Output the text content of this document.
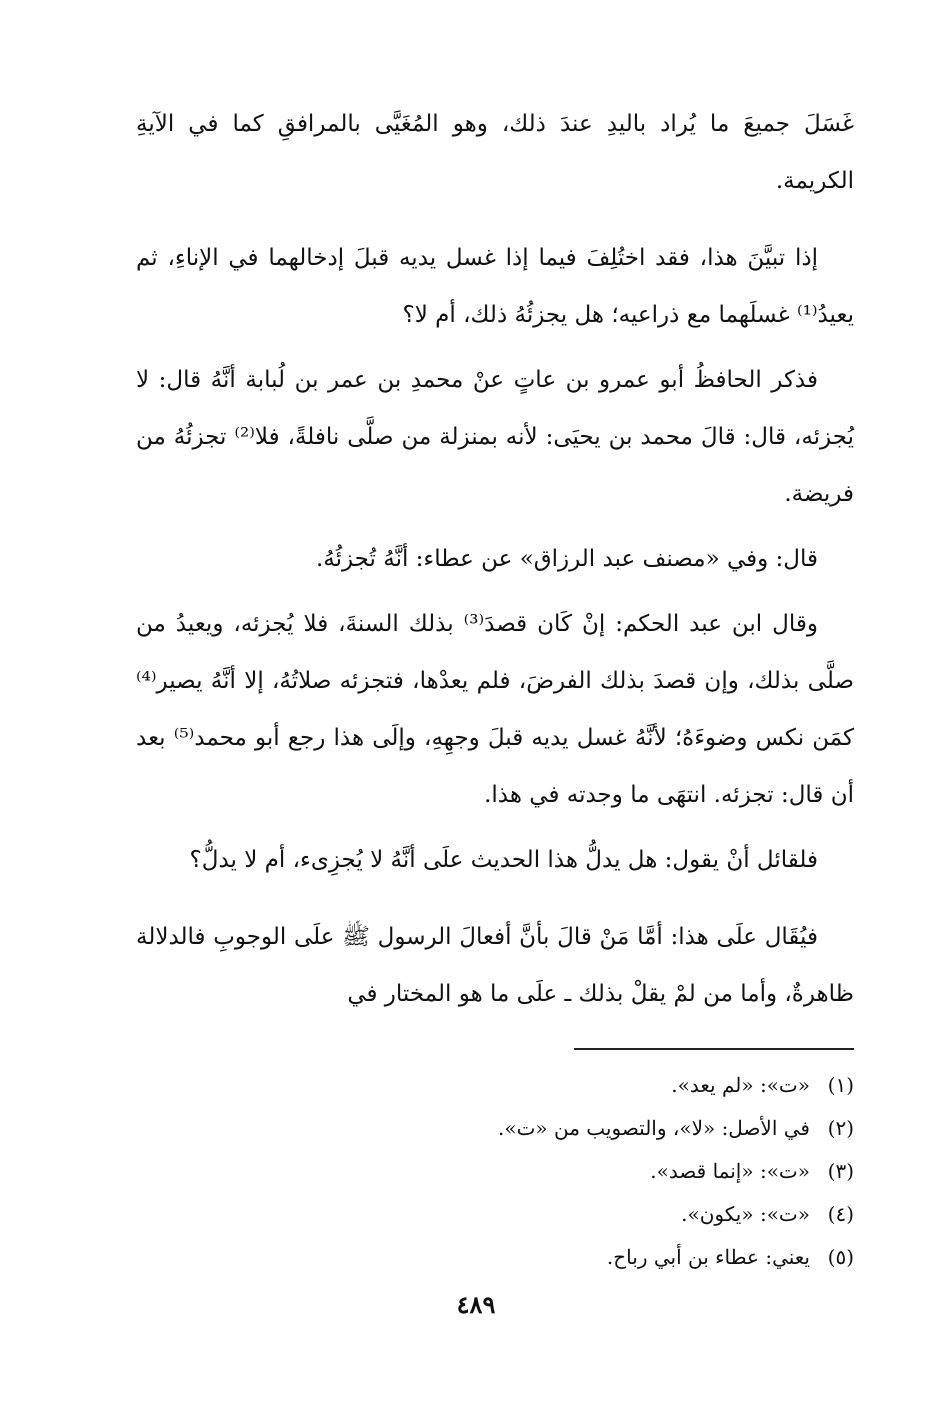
غَسَلَ جميعَ ما يُراد باليدِ عندَ ذلك، وهو المُغَيَّى بالمرافقِ كما في الآيةِ الكريمة.

إذا تبيَّنَ هذا، فقد اختُلِفَ فيما إذا غسل يديه قبلَ إدخالهما في الإناءِ، ثم يعيدُ⁽¹⁾ غسلَهما مع ذراعيه؛ هل يجزئُهُ ذلك، أم لا؟

فذكر الحافظُ أبو عمرو بن عاتٍ عنْ محمدِ بن عمر بن لُبابة أنَّهُ قال: لا يُجزئه، قال: قالَ محمد بن يحيَى: لأنه بمنزلة من صلَّى نافلةً، فلا⁽²⁾ تجزئُهُ من فريضة.

قال: وفي «مصنف عبد الرزاق» عن عطاء: أنَّهُ تُجزئُهُ.

وقال ابن عبد الحكم: إنْ كَان قصدَ⁽³⁾ بذلك السنةَ، فلا يُجزئه، ويعيدُ من صلَّى بذلك، وإن قصدَ بذلك الفرضَ، فلم يعدْها، فتجزئه صلاتُهُ، إلا أنَّهُ يصير⁽⁴⁾ كمَن نكس وضوءَهُ؛ لأنَّهُ غسل يديه قبلَ وجهِهِ، وإلَى هذا رجع أبو محمد⁽⁵⁾ بعد أن قال: تجزئه. انتهَى ما وجدته في هذا.

فلقائل أنْ يقول: هل يدلُّ هذا الحديث علَى أنَّهُ لا يُجزِىء، أم لا يدلُّ؟

فيُقَال علَى هذا: أمَّا مَنْ قالَ بأنَّ أفعالَ الرسول ﷺ علَى الوجوبِ فالدلالة ظاهرةٌ، وأما من لمْ يقلْ بذلك ـ علَى ما هو المختار في

(١)
«ت»: «لم يعد».
(٢)
في الأصل: «لا»، والتصويب من «ت».
(٣)
«ت»: «إنما قصد».
(٤)
«ت»: «يكون».
(٥)
يعني: عطاء بن أبي رباح.
٤٨٩
